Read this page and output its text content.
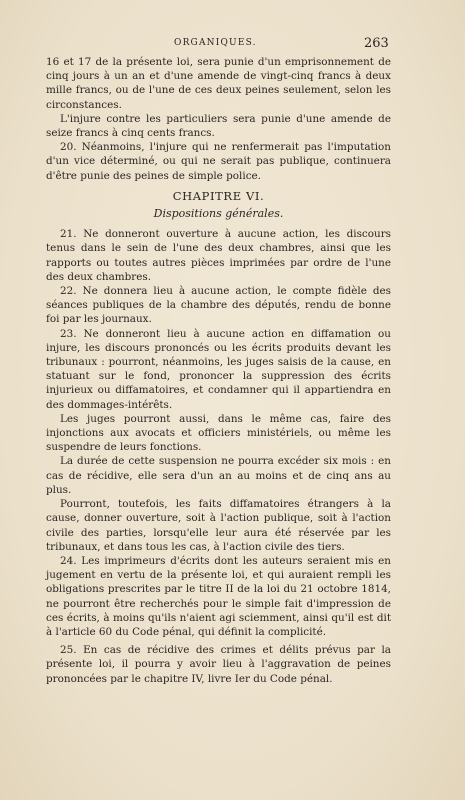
ORGANIQUES.	263

16 et 17 de la présente loi, sera punie d'un emprisonnement de cinq jours à un an et d'une amende de vingt-cinq francs à deux mille francs, ou de l'une de ces deux peines seulement, selon les circonstances.

L'injure contre les particuliers sera punie d'une amende de seize francs à cinq cents francs.

20. Néanmoins, l'injure qui ne renfermerait pas l'imputation d'un vice déterminé, ou qui ne serait pas publique, continuera d'être punie des peines de simple police.

CHAPITRE VI.
Dispositions générales.

21. Ne donneront ouverture à aucune action, les discours tenus dans le sein de l'une des deux chambres, ainsi que les rapports ou toutes autres pièces imprimées par ordre de l'une des deux chambres.

22. Ne donnera lieu à aucune action, le compte fidèle des séances publiques de la chambre des députés, rendu de bonne foi par les journaux.

23. Ne donneront lieu à aucune action en diffamation ou injure, les discours prononcés ou les écrits produits devant les tribunaux : pourront, néanmoins, les juges saisis de la cause, en statuant sur le fond, prononcer la suppression des écrits injurieux ou diffamatoires, et condamner qui il appartiendra en des dommages-intérêts.

Les juges pourront aussi, dans le même cas, faire des injonctions aux avocats et officiers ministériels, ou même les suspendre de leurs fonctions.

La durée de cette suspension ne pourra excéder six mois : en cas de récidive, elle sera d'un an au moins et de cinq ans au plus.

Pourront, toutefois, les faits diffamatoires étrangers à la cause, donner ouverture, soit à l'action publique, soit à l'action civile des parties, lorsqu'elle leur aura été réservée par les tribunaux, et dans tous les cas, à l'action civile des tiers.

24. Les imprimeurs d'écrits dont les auteurs seraient mis en jugement en vertu de la présente loi, et qui auraient rempli les obligations prescrites par le titre II de la loi du 21 octobre 1814, ne pourront être recherchés pour le simple fait d'impression de ces écrits, à moins qu'ils n'aient agi sciemment, ainsi qu'il est dit à l'article 60 du Code pénal, qui définit la complicité.

25. En cas de récidive des crimes et délits prévus par la présente loi, il pourra y avoir lieu à l'aggravation de peines prononcées par le chapitre IV, livre Ier du Code pénal.
